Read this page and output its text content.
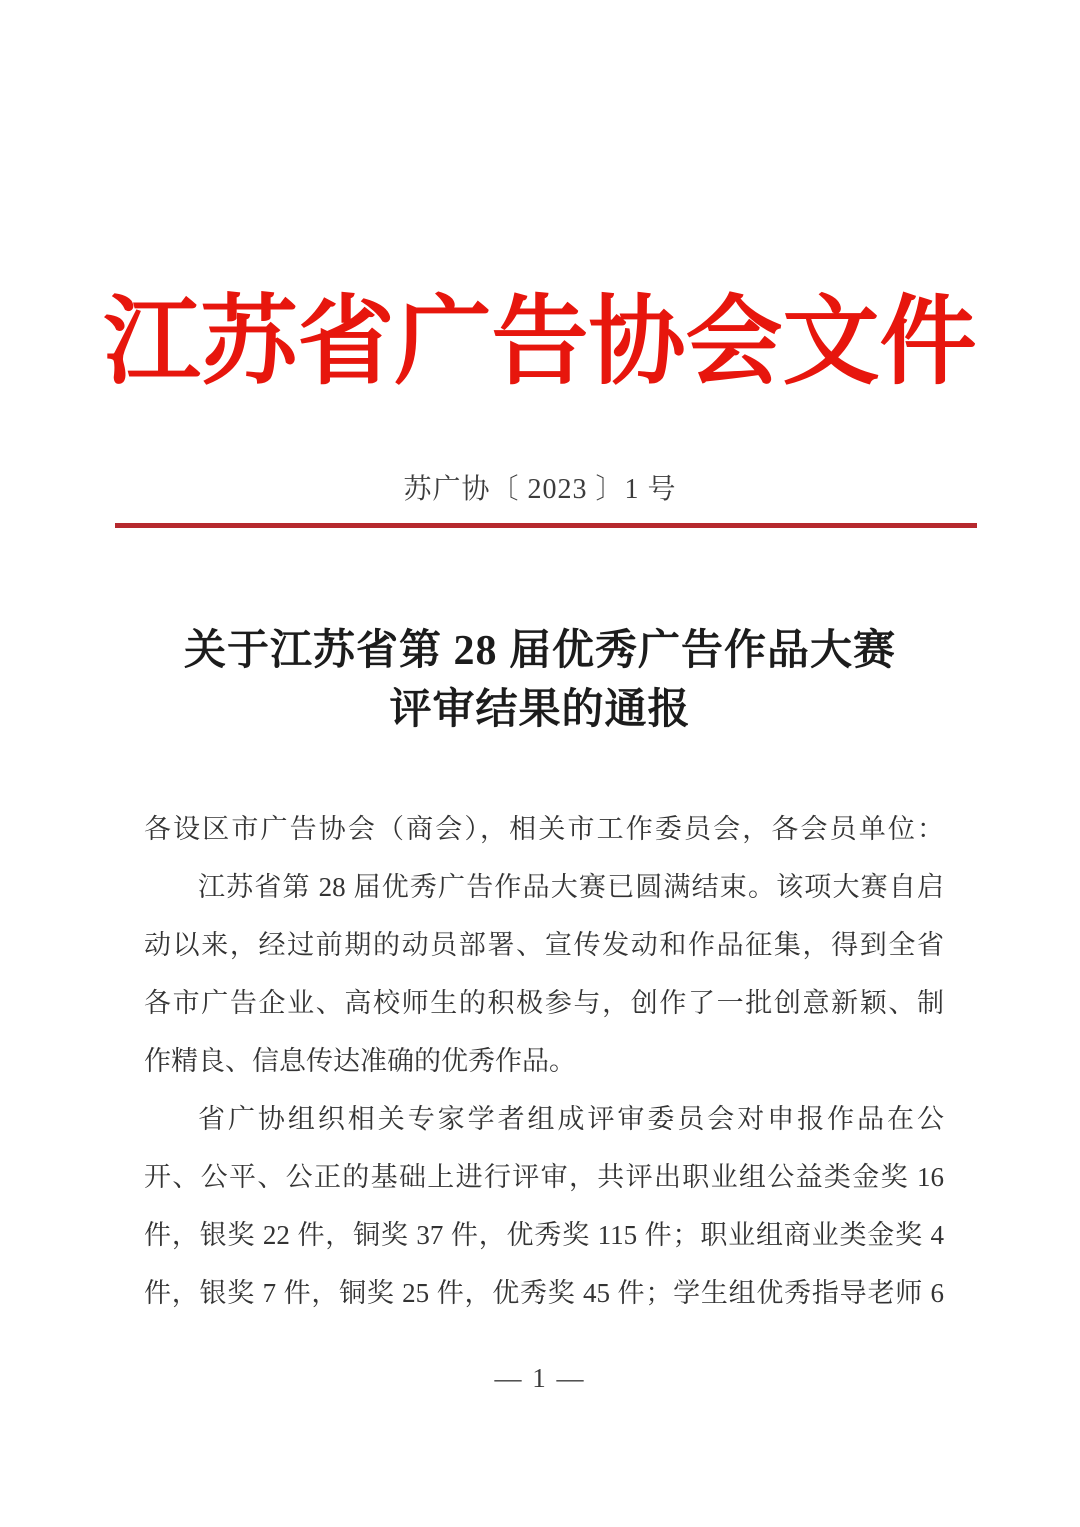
江苏省广告协会文件
苏广协〔 2023 〕1 号
关于江苏省第 28 届优秀广告作品大赛
评审结果的通报

各设区市广告协会（商会），相关市工作委员会，各会员单位：

江苏省第 28 届优秀广告作品大赛已圆满结束。该项大赛自启

动以来，经过前期的动员部署、宣传发动和作品征集，得到全省

各市广告企业、高校师生的积极参与，创作了一批创意新颖、制

作精良、信息传达准确的优秀作品。

省广协组织相关专家学者组成评审委员会对申报作品在公

开、公平、公正的基础上进行评审，共评出职业组公益类金奖 16

件，银奖 22 件，铜奖 37 件，优秀奖 115 件；职业组商业类金奖 4

件，银奖 7 件，铜奖 25 件，优秀奖 45 件；学生组优秀指导老师 6

— 1 —
